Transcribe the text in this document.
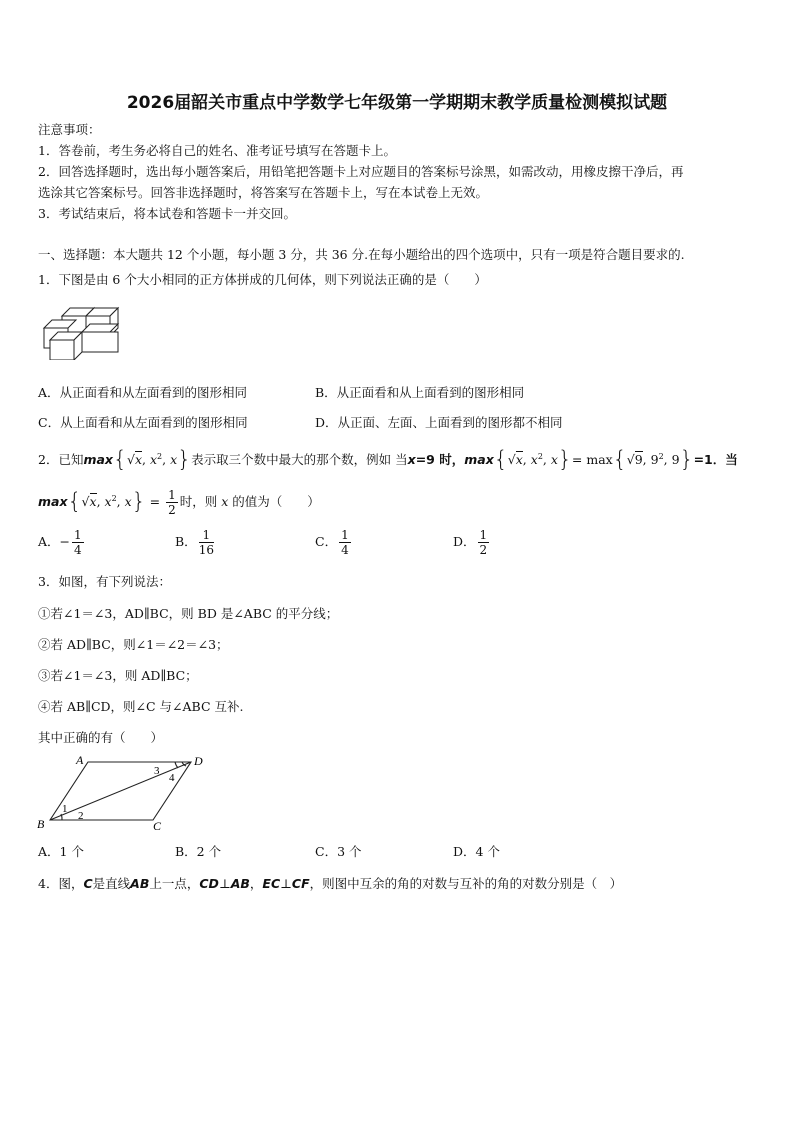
2026届韶关市重点中学数学七年级第一学期期末教学质量检测模拟试题
注意事项：
1．答卷前，考生务必将自己的姓名、准考证号填写在答题卡上。
2．回答选择题时，选出每小题答案后，用铅笔把答题卡上对应题目的答案标号涂黑，如需改动，用橡皮擦干净后，再
选涂其它答案标号。回答非选择题时，将答案写在答题卡上，写在本试卷上无效。
3．考试结束后，将本试卷和答题卡一并交回。
一、选择题：本大题共 12 个小题，每小题 3 分，共 36 分.在每小题给出的四个选项中，只有一项是符合题目要求的.
1．下图是由 6 个大小相同的正方体拼成的几何体，则下列说法正确的是（　　）
A．从正面看和从左面看到的图形相同	B．从正面看和从上面看到的图形相同
C．从上面看和从左面看到的图形相同	D．从正面、左面、上面看到的图形都不相同
2．已知max{√x, $x^2$, x}表示取三个数中最大的那个数，例如 当x=9 时，max{√x, $x^2$, x}= max{√9, $9^2$, 9}=1．当
max{√x, $x^2$, $x\} = \frac{1}{2}$ 时，则 x 的值为（　　）
A．− $\frac{1}{4}$	B． $\frac{1}{16}$	C． $\frac{1}{4}$	D． $\frac{1}{2}$
3．如图，有下列说法：
①若∠1＝∠3，AD∥BC，则 BD 是∠ABC 的平分线；
②若 AD∥BC，则∠1＝∠2＝∠3；
③若∠1＝∠3，则 AD∥BC；
④若 AB∥CD，则∠C 与∠ABC 互补.
其中正确的有（　　）
A	D
B	C
1
2
3
4
A．1 个	B．2 个	C．3 个	D．4 个
4．图，C是直线AB上一点，CD⊥AB，EC⊥CF，则图中互余的角的对数与互补的角的对数分别是（　）
